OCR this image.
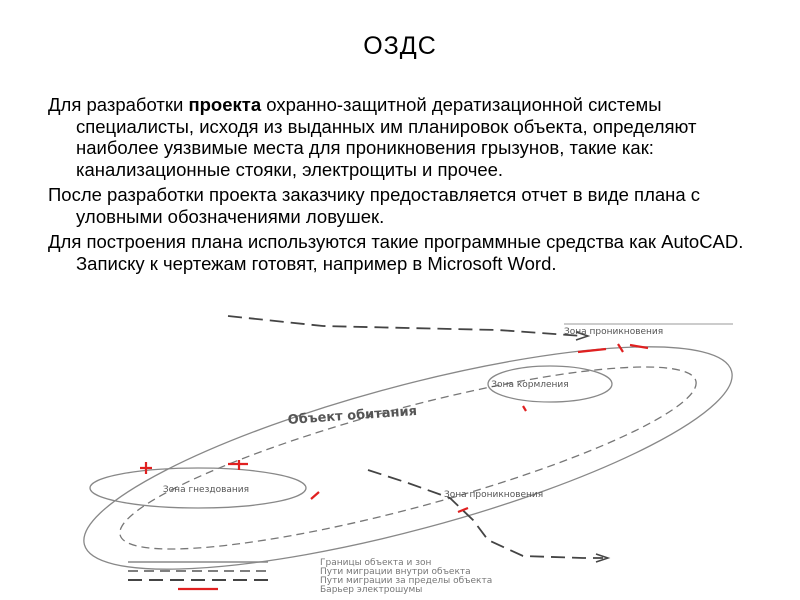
ОЗДС

Для разработки проекта охранно-защитной дератизационной системы специалисты, исходя из выданных им планировок объекта, определяют наиболее уязвимые места для проникновения грызунов, такие как: канализационные стояки, электрощиты и прочее.

После разработки проекта заказчику предоставляется отчет в виде плана с уловными обозначениями ловушек.

Для построения плана используются такие программные средства как AutoCAD. Записку к чертежам готовят, например в Microsoft Word.

Зона кормления
Зона гнездования
Объект обитания
Зона проникновения
Зона проникновения
Границы объекта и зон
Пути миграции внутри объекта
Пути миграции за пределы объекта
Барьер электрошумы
